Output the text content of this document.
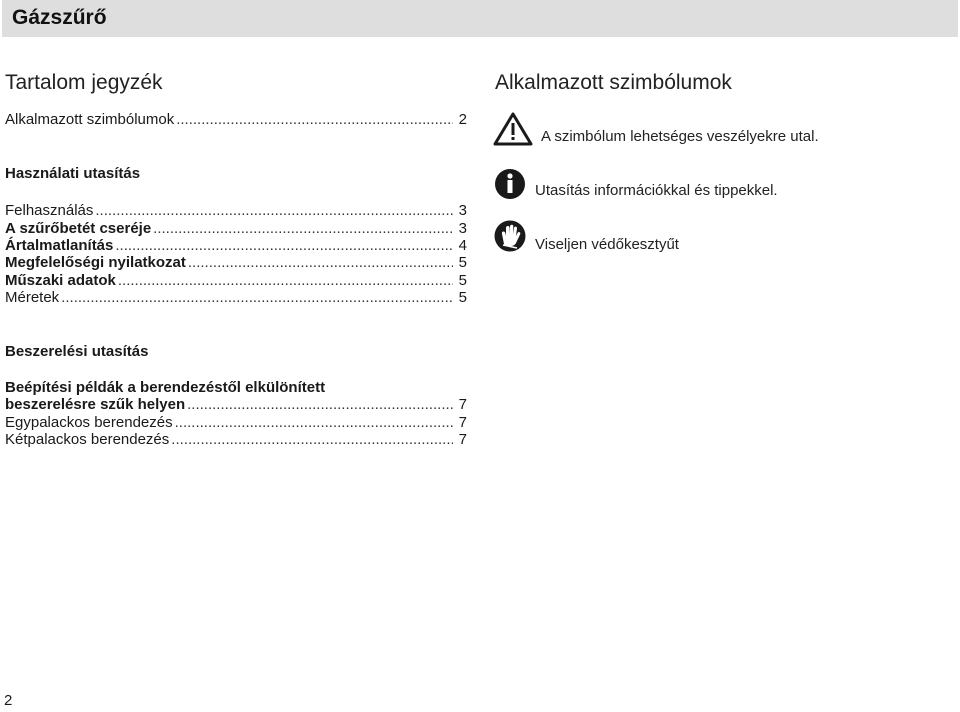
Gázszűrő
Tartalom jegyzék
Alkalmazott szimbólumok .....	2
Használati utasítás
Felhasználás .....	3
A szűrőbetét cseréje .....	3
Ártalmatlanítás .....	4
Megfelelőségi nyilatkozat .....	5
Műszaki adatok .....	5
Méretek .....	5
Beszerelési utasítás
Beépítési példák a berendezéstől elkülönített
beszerelésre szűk helyen .....	7
Egypalackos berendezés .....	7
Kétpalackos berendezés .....	7
Alkalmazott szimbólumok
A szimbólum lehetséges veszélyekre utal.
Utasítás információkkal és tippekkel.
Viseljen védőkesztyűt
2
